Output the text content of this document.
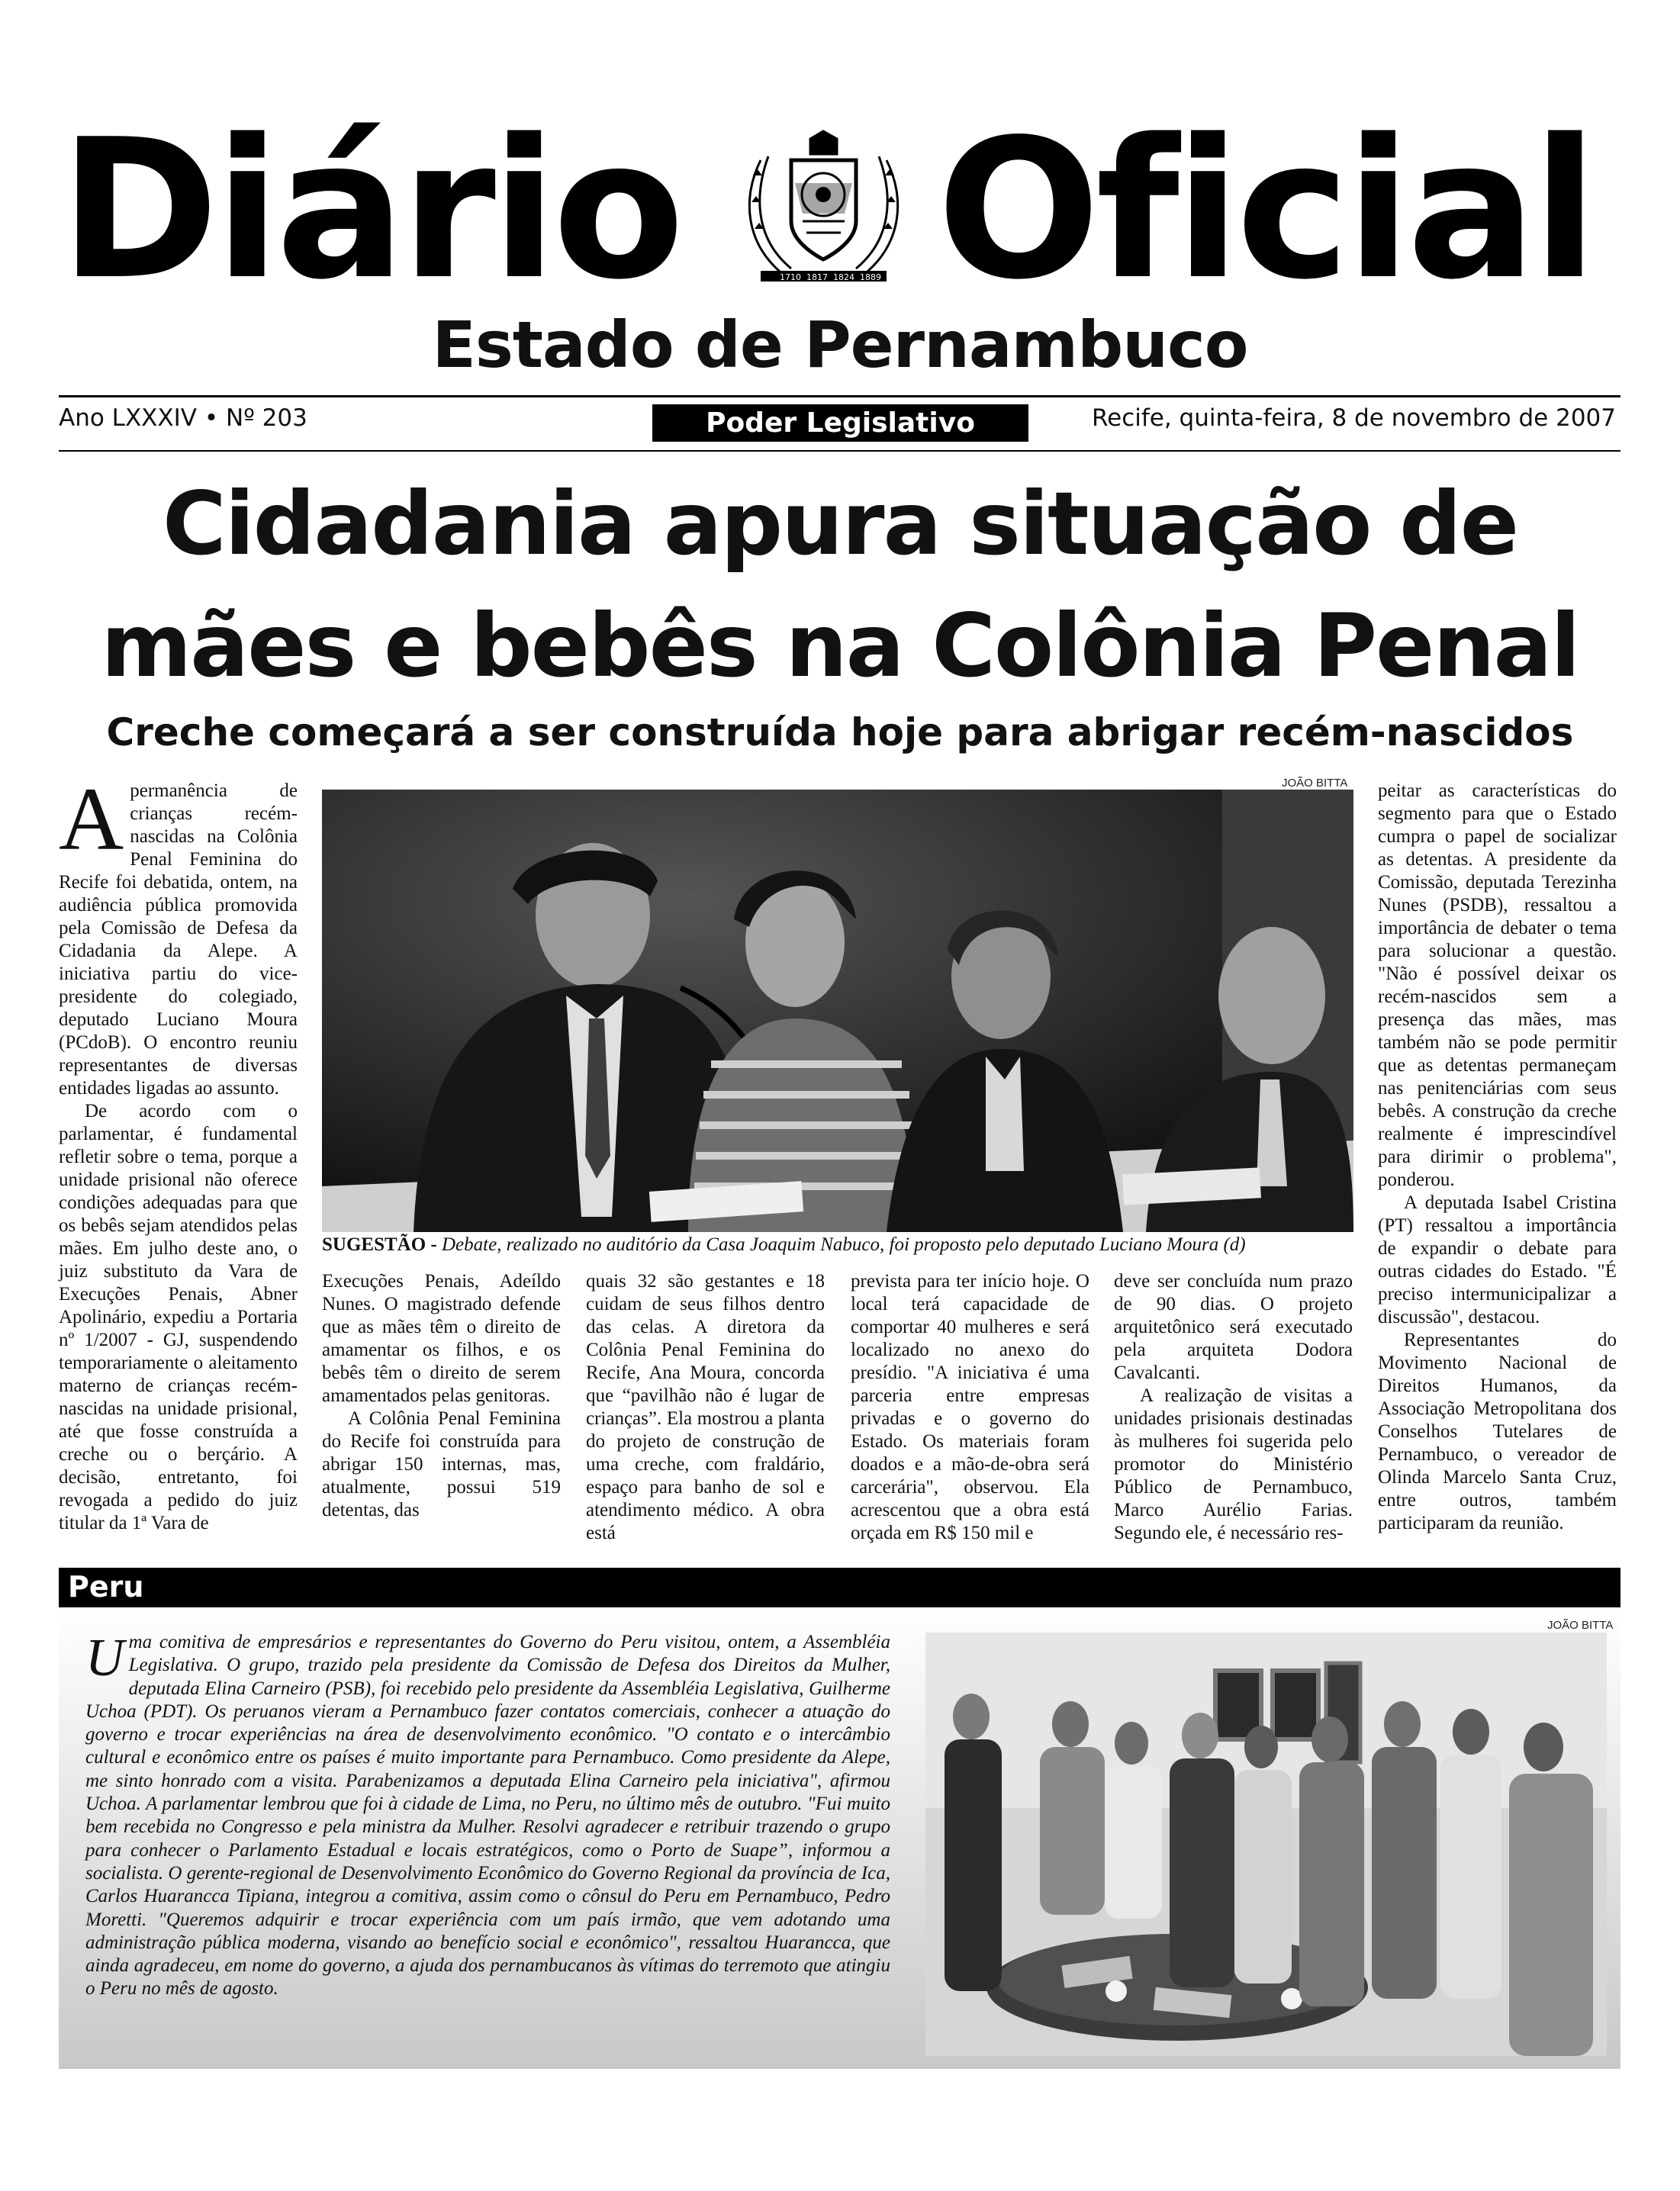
Diário	1710 1817 1824 1889 Oficial
Estado de Pernambuco
Ano LXXXIV • Nº 203	Poder Legislativo	Recife, quinta-feira, 8 de novembro de 2007
Cidadania apura situação de
mães e bebês na Colônia Penal
Creche começará a ser construída hoje para abrigar recém-nascidos
JOÃO BITTA
SUGESTÃO - Debate, realizado no auditório da Casa Joaquim Nabuco, foi proposto pelo deputado Luciano Moura (d)

Apermanência de crianças recém-nascidas na Colônia Penal Feminina do Recife foi debatida, ontem, na audiência pública promovida pela Comissão de Defesa da Cidadania da Alepe. A iniciativa partiu do vice-presidente do colegiado, deputado Luciano Moura (PCdoB). O encontro reuniu representantes de diversas entidades ligadas ao assunto.

De acordo com o parlamentar, é fundamental refletir sobre o tema, porque a unidade prisional não oferece condições adequadas para que os bebês sejam atendidos pelas mães. Em julho deste ano, o juiz substituto da Vara de Execuções Penais, Abner Apolinário, expediu a Portaria nº 1/2007 - GJ, suspendendo temporariamente o aleitamento materno de crianças recém-nascidas na unidade prisional, até que fosse construída a creche ou o berçário. A decisão, entretanto, foi revogada a pedido do juiz titular da 1ª Vara de

Execuções Penais, Adeíldo Nunes. O magistrado defende que as mães têm o direito de amamentar os filhos, e os bebês têm o direito de serem amamentados pelas genitoras.

A Colônia Penal Feminina do Recife foi construída para abrigar 150 internas, mas, atualmente, possui 519 detentas, das

quais 32 são gestantes e 18 cuidam de seus filhos dentro das celas. A diretora da Colônia Penal Feminina do Recife, Ana Moura, concorda que “pavilhão não é lugar de crianças”. Ela mostrou a planta do projeto de construção de uma creche, com fraldário, espaço para banho de sol e atendimento médico. A obra está

prevista para ter início hoje. O local terá capacidade de comportar 40 mulheres e será localizado no anexo do presídio. "A iniciativa é uma parceria entre empresas privadas e o governo do Estado. Os materiais foram doados e a mão-de-obra será carcerária", observou. Ela acrescentou que a obra está orçada em R$ 150 mil e

deve ser concluída num prazo de 90 dias. O projeto arquitetônico será executado pela arquiteta Dodora Cavalcanti.

A realização de visitas a unidades prisionais destinadas às mulheres foi sugerida pelo promotor do Ministério Público de Pernambuco, Marco Aurélio Farias. Segundo ele, é necessário res-

peitar as características do segmento para que o Estado cumpra o papel de socializar as detentas. A presidente da Comissão, deputada Terezinha Nunes (PSDB), ressaltou a importância de debater o tema para solucionar a questão. "Não é possível deixar os recém-nascidos sem a presença das mães, mas também não se pode permitir que as detentas permaneçam nas penitenciárias com seus bebês. A construção da creche realmente é imprescindível para dirimir o problema", ponderou.

A deputada Isabel Cristina (PT) ressaltou a importância de expandir o debate para outras cidades do Estado. "É preciso intermunicipalizar a discussão", destacou.

Representantes do Movimento Nacional de Direitos Humanos, da Associação Metropolitana dos Conselhos Tutelares de Pernambuco, o vereador de Olinda Marcelo Santa Cruz, entre outros, também participaram da reunião.

Peru
Uma comitiva de empresários e representantes do Governo do Peru visitou, ontem, a Assembléia Legislativa. O grupo, trazido pela presidente da Comissão de Defesa dos Direitos da Mulher, deputada Elina Carneiro (PSB), foi recebido pelo presidente da Assembléia Legislativa, Guilherme Uchoa (PDT). Os peruanos vieram a Pernambuco fazer contatos comerciais, conhecer a atuação do governo e trocar experiências na área de desenvolvimento econômico. "O contato e o intercâmbio cultural e econômico entre os países é muito importante para Pernambuco. Como presidente da Alepe, me sinto honrado com a visita. Parabenizamos a deputada Elina Carneiro pela iniciativa", afirmou Uchoa. A parlamentar lembrou que foi à cidade de Lima, no Peru, no último mês de outubro. "Fui muito bem recebida no Congresso e pela ministra da Mulher. Resolvi agradecer e retribuir trazendo o grupo para conhecer o Parlamento Estadual e locais estratégicos, como o Porto de Suape”, informou a socialista. O gerente-regional de Desenvolvimento Econômico do Governo Regional da província de Ica, Carlos Huarancca Tipiana, integrou a comitiva, assim como o cônsul do Peru em Pernambuco, Pedro Moretti. "Queremos adquirir e trocar experiência com um país irmão, que vem adotando uma administração pública moderna, visando ao benefício social e econômico", ressaltou Huarancca, que ainda agradeceu, em nome do governo, a ajuda dos pernambucanos às vítimas do terremoto que atingiu o Peru no mês de agosto.
JOÃO BITTA
